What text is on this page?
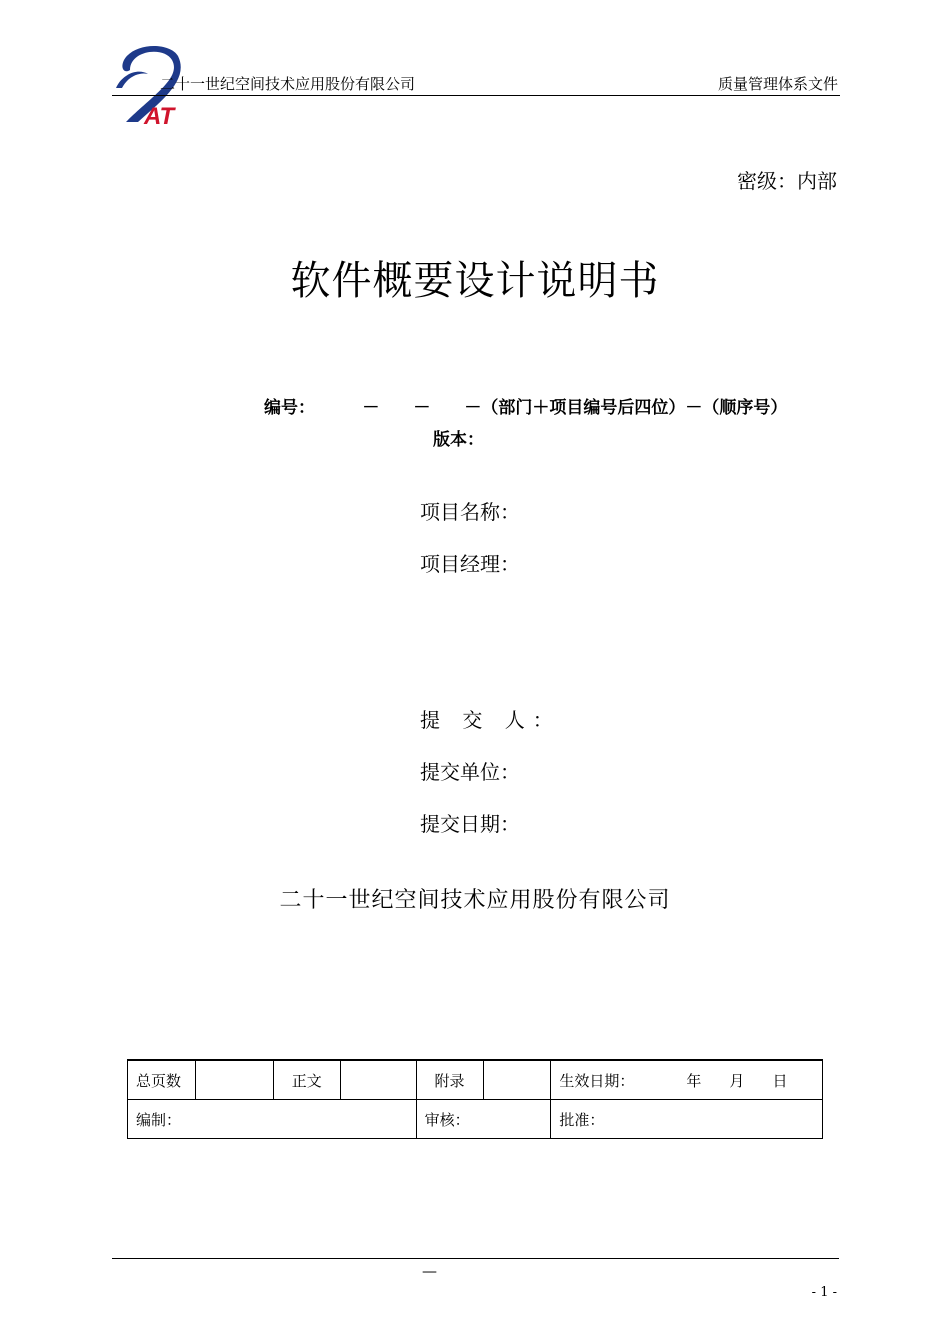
AT
二十一世纪空间技术应用股份有限公司	质量管理体系文件
密级：内部
软件概要设计说明书
编号：	－　　－　　－（部门＋项目编号后四位）－（顺序号）
版本：
项目名称：
项目经理：
提 交 人：
提交单位：
提交日期：
二十一世纪空间技术应用股份有限公司
总页数		正文		附录		生效日期： 年 月 日
编制：				审核：		批准：
—
- 1 -
